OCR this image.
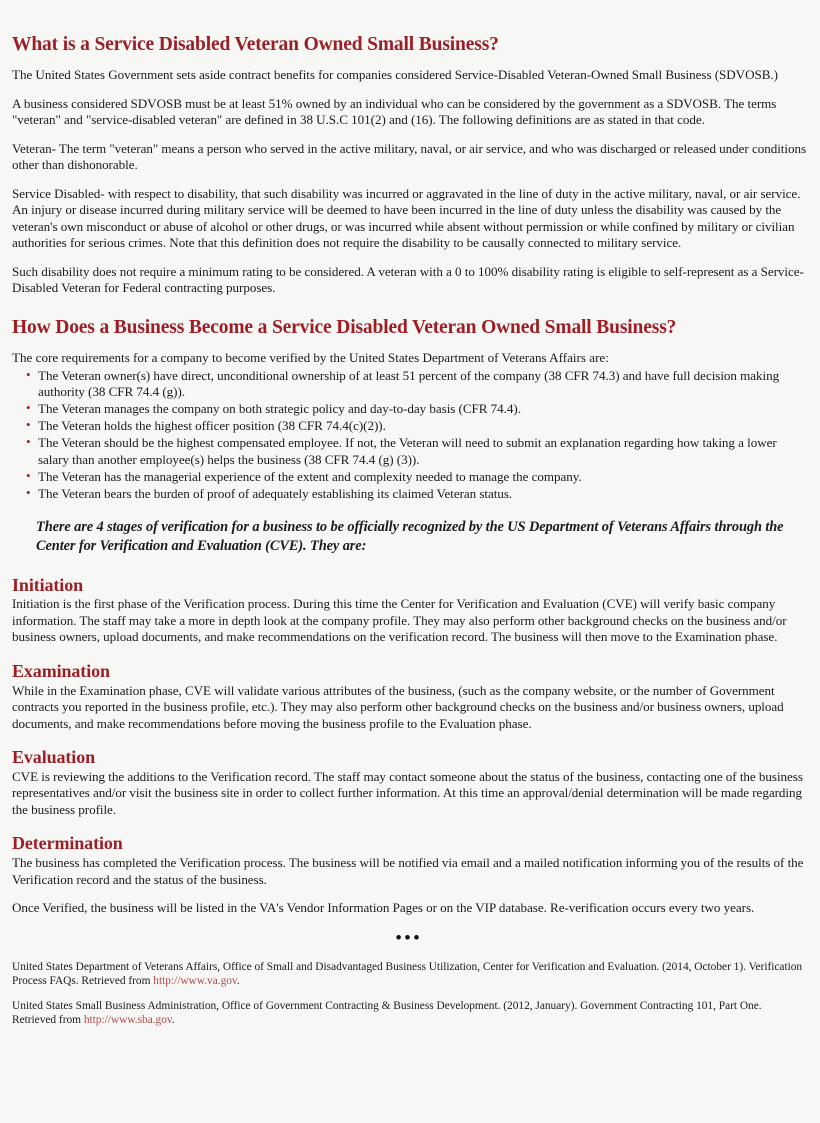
What is a Service Disabled Veteran Owned Small Business?

The United States Government sets aside contract benefits for companies considered Service-Disabled Veteran-Owned Small Business (SDVOSB.)

A business considered SDVOSB must be at least 51% owned by an individual who can be considered by the government as a SDVOSB. The terms "veteran" and "service-disabled veteran" are defined in 38 U.S.C 101(2) and (16). The following definitions are as stated in that code.

Veteran- The term "veteran" means a person who served in the active military, naval, or air service, and who was discharged or released under conditions other than dishonorable.

Service Disabled- with respect to disability, that such disability was incurred or aggravated in the line of duty in the active military, naval, or air service. An injury or disease incurred during military service will be deemed to have been incurred in the line of duty unless the disability was caused by the veteran's own misconduct or abuse of alcohol or other drugs, or was incurred while absent without permission or while confined by military or civilian authorities for serious crimes. Note that this definition does not require the disability to be causally connected to military service.

Such disability does not require a minimum rating to be considered. A veteran with a 0 to 100% disability rating is eligible to self-represent as a Service-Disabled Veteran for Federal contracting purposes.

How Does a Business Become a Service Disabled Veteran Owned Small Business?

The core requirements for a company to become verified by the United States Department of Veterans Affairs are:

• The Veteran owner(s) have direct, unconditional ownership of at least 51 percent of the company (38 CFR 74.3) and have full decision making authority (38 CFR 74.4 (g)).
• The Veteran manages the company on both strategic policy and day-to-day basis (CFR 74.4).
• The Veteran holds the highest officer position (38 CFR 74.4(c)(2)).
• The Veteran should be the highest compensated employee. If not, the Veteran will need to submit an explanation regarding how taking a lower salary than another employee(s) helps the business (38 CFR 74.4 (g) (3)).
• The Veteran has the managerial experience of the extent and complexity needed to manage the company.
• The Veteran bears the burden of proof of adequately establishing its claimed Veteran status.

There are 4 stages of verification for a business to be officially recognized by the US Department of Veterans Affairs through the Center for Verification and Evaluation (CVE). They are:

Initiation

Initiation is the first phase of the Verification process. During this time the Center for Verification and Evaluation (CVE) will verify basic company information. The staff may take a more in depth look at the company profile. They may also perform other background checks on the business and/or business owners, upload documents, and make recommendations on the verification record. The business will then move to the Examination phase.

Examination

While in the Examination phase, CVE will validate various attributes of the business, (such as the company website, or the number of Government contracts you reported in the business profile, etc.). They may also perform other background checks on the business and/or business owners, upload documents, and make recommendations before moving the business profile to the Evaluation phase.

Evaluation

CVE is reviewing the additions to the Verification record. The staff may contact someone about the status of the business, contacting one of the business representatives and/or visit the business site in order to collect further information. At this time an approval/denial determination will be made regarding the business profile.

Determination

The business has completed the Verification process. The business will be notified via email and a mailed notification informing you of the results of the Verification record and the status of the business.

Once Verified, the business will be listed in the VA's Vendor Information Pages or on the VIP database. Re-verification occurs every two years.

•••

United States Department of Veterans Affairs, Office of Small and Disadvantaged Business Utilization, Center for Verification and Evaluation. (2014, October 1). Verification Process FAQs. Retrieved from http://www.va.gov.

United States Small Business Administration, Office of Government Contracting & Business Development. (2012, January). Government Contracting 101, Part One. Retrieved from http://www.sba.gov.
